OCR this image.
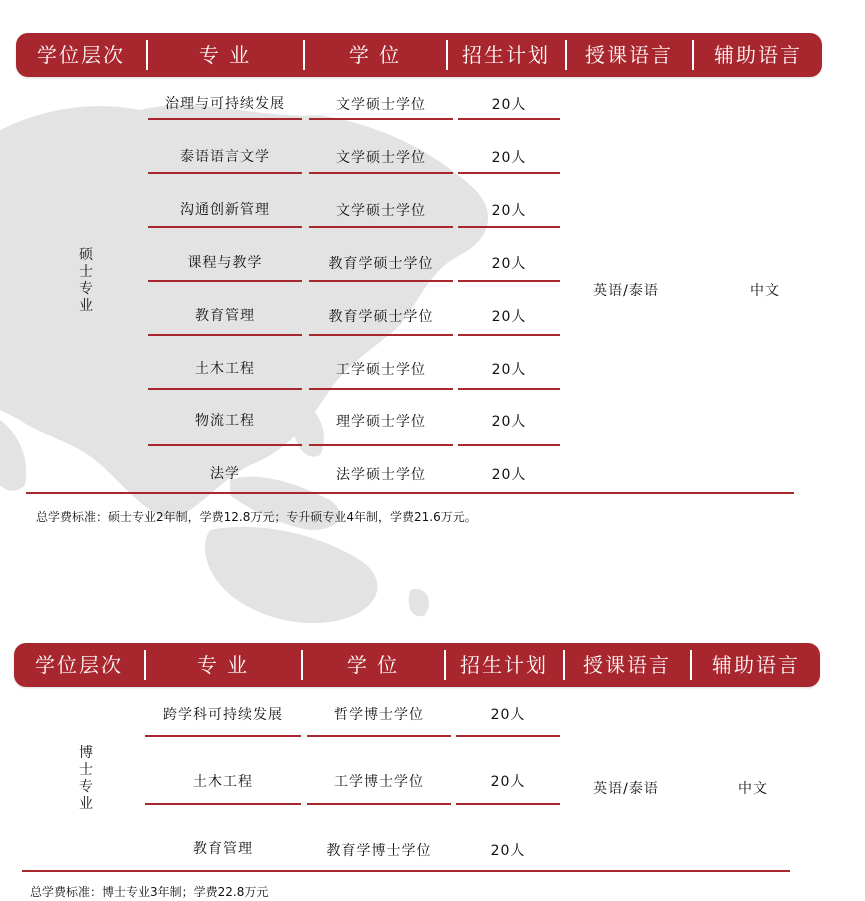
学位层次	专 业	学 位	招生计划	授课语言	辅助语言
硕士专业
治理与可持续发展	文学硕士学位	20人
泰语语言文学	文学硕士学位	20人
沟通创新管理	文学硕士学位	20人
课程与教学	教育学硕士学位	20人
教育管理	教育学硕士学位	20人
土木工程	工学硕士学位	20人
物流工程	理学硕士学位	20人
法学	法学硕士学位	20人
英语/泰语	中文
总学费标准：硕士专业2年制，学费12.8万元；专升硕专业4年制，学费21.6万元。
学位层次	专 业	学 位	招生计划	授课语言	辅助语言
博士专业
跨学科可持续发展	哲学博士学位	20人
土木工程	工学博士学位	20人
教育管理	教育学博士学位	20人
英语/泰语	中文
总学费标准：博士专业3年制；学费22.8万元
